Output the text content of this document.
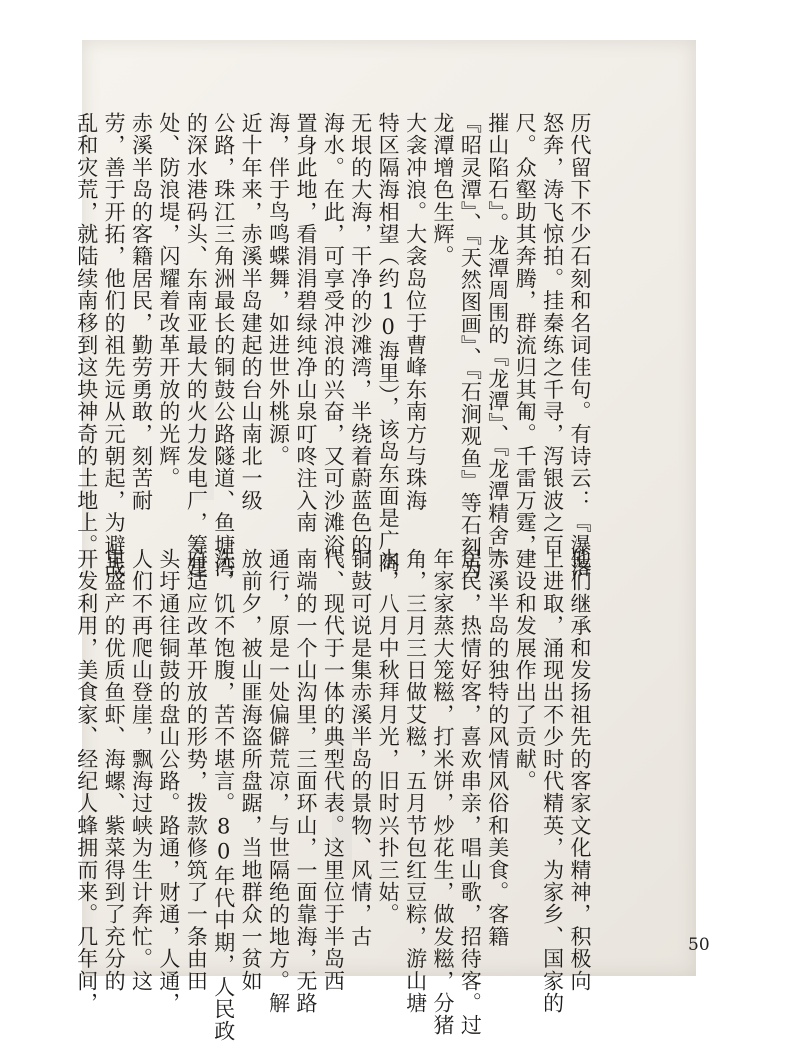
历代留下不少石刻和名词佳句。有诗云：『瀑落

怒奔，涛飞惊拍。挂秦练之千寻，泻银波之百

尺。众壑助其奔腾，群流归其匍。千雷万霆，

摧山陷石』。龙潭周围的『龙潭』、『龙潭精舍』、

『昭灵潭』、『天然图画』、『石涧观鱼』等石刻为

龙潭增色生辉。

大衾冲浪。大衾岛位于曹峰东南方与珠海

特区隔海相望（约10海里），该岛东面是广阔

无垠的大海，干净的沙滩湾，半绕着蔚蓝色的

海水。在此，可享受冲浪的兴奋，又可沙滩浴。

置身此地，看涓涓碧绿纯净山泉叮咚注入南

海，伴于鸟鸣蝶舞，如进世外桃源。

近十年来，赤溪半岛建起的台山南北一级

公路，珠江三角洲最长的铜鼓公路隧道、鱼塘湾

的深水港码头、东南亚最大的火力发电厂，筹建

处、防浪堤，闪耀着改革开放的光辉。

赤溪半岛的客籍居民，勤劳勇敢，刻苦耐

劳，善于开拓，他们的祖先远从元朝起，为避战

乱和灾荒，就陆续南移到这块神奇的土地上。

他们继承和发扬祖先的客家文化精神，积极向

上进取，涌现出不少时代精英，为家乡、国家的

建设和发展作出了贡献。

赤溪半岛的独特的风情风俗和美食。客籍

居民，热情好客，喜欢串亲，唱山歌，招待客。过

年家家蒸大笼糍，打米饼，炒花生，做发糍，分猪

角，三月三日做艾糍，五月节包红豆粽，游山塘

水，八月中秋拜月光，旧时兴扑三姑。

铜鼓可说是集赤溪半岛的景物、风情，古

代、现代于一体的典型代表。这里位于半岛西

南端的一个山沟里，三面环山，一面靠海，无路

通行，原是一处偏僻荒凉，与世隔绝的地方。解

放前夕，被山匪海盗所盘踞，当地群众一贫如

洗，饥不饱腹，苦不堪言。80年代中期，人民政

府适应改革开放的形势，拨款修筑了一条由田

头圩通往铜鼓的盘山公路。路通，财通，人通，

人们不再爬山登崖，飘海过峡为生计奔忙。这

里盛产的优质鱼虾、海螺、紫菜得到了充分的

开发利用，美食家、经纪人蜂拥而来。几年间，	50
